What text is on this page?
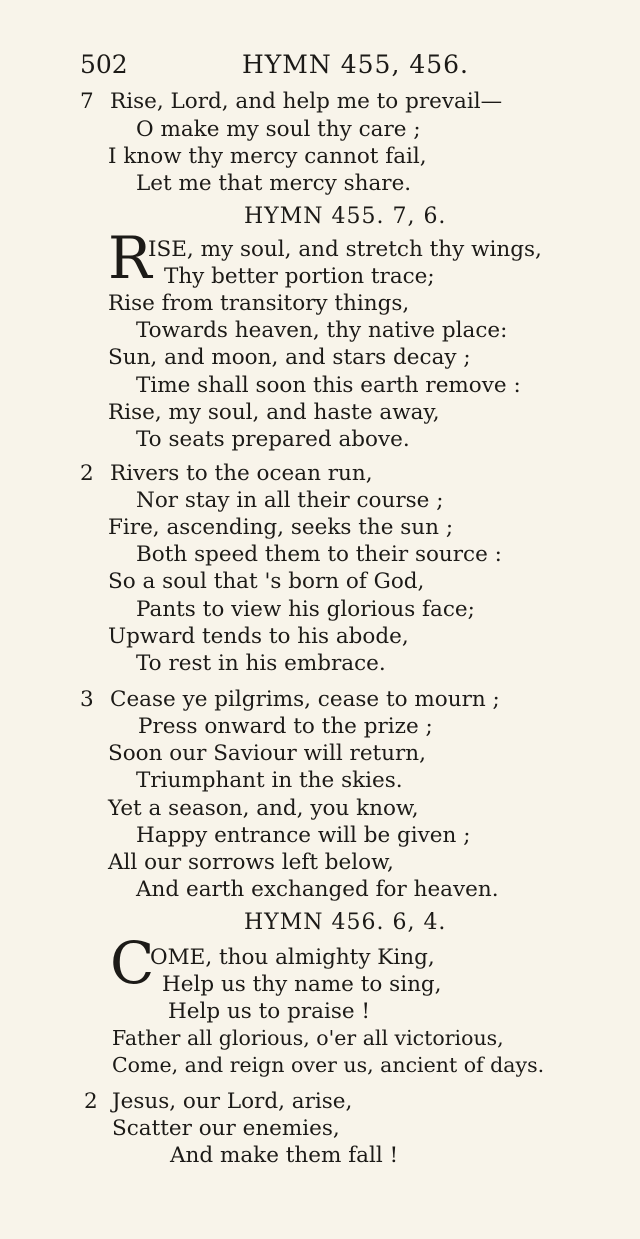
502	HYMN 455, 456.
7 Rise, Lord, and help me to prevail—
O make my soul thy care ;
I know thy mercy cannot fail,
Let me that mercy share.
HYMN 455. 7, 6.
R
ISE, my soul, and stretch thy wings,
Thy better portion trace;
Rise from transitory things,
Towards heaven, thy native place:
Sun, and moon, and stars decay ;
Time shall soon this earth remove :
Rise, my soul, and haste away,
To seats prepared above.
2 Rivers to the ocean run,
Nor stay in all their course ;
Fire, ascending, seeks the sun ;
Both speed them to their source :
So a soul that 's born of God,
Pants to view his glorious face;
Upward tends to his abode,
To rest in his embrace.
3 Cease ye pilgrims, cease to mourn ;
Press onward to the prize ;
Soon our Saviour will return,
Triumphant in the skies.
Yet a season, and, you know,
Happy entrance will be given ;
All our sorrows left below,
And earth exchanged for heaven.
HYMN 456. 6, 4.
C
OME, thou almighty King,
Help us thy name to sing,
Help us to praise !
Father all glorious, o'er all victorious,
Come, and reign over us, ancient of days.
2 Jesus, our Lord, arise,
Scatter our enemies,
And make them fall !
